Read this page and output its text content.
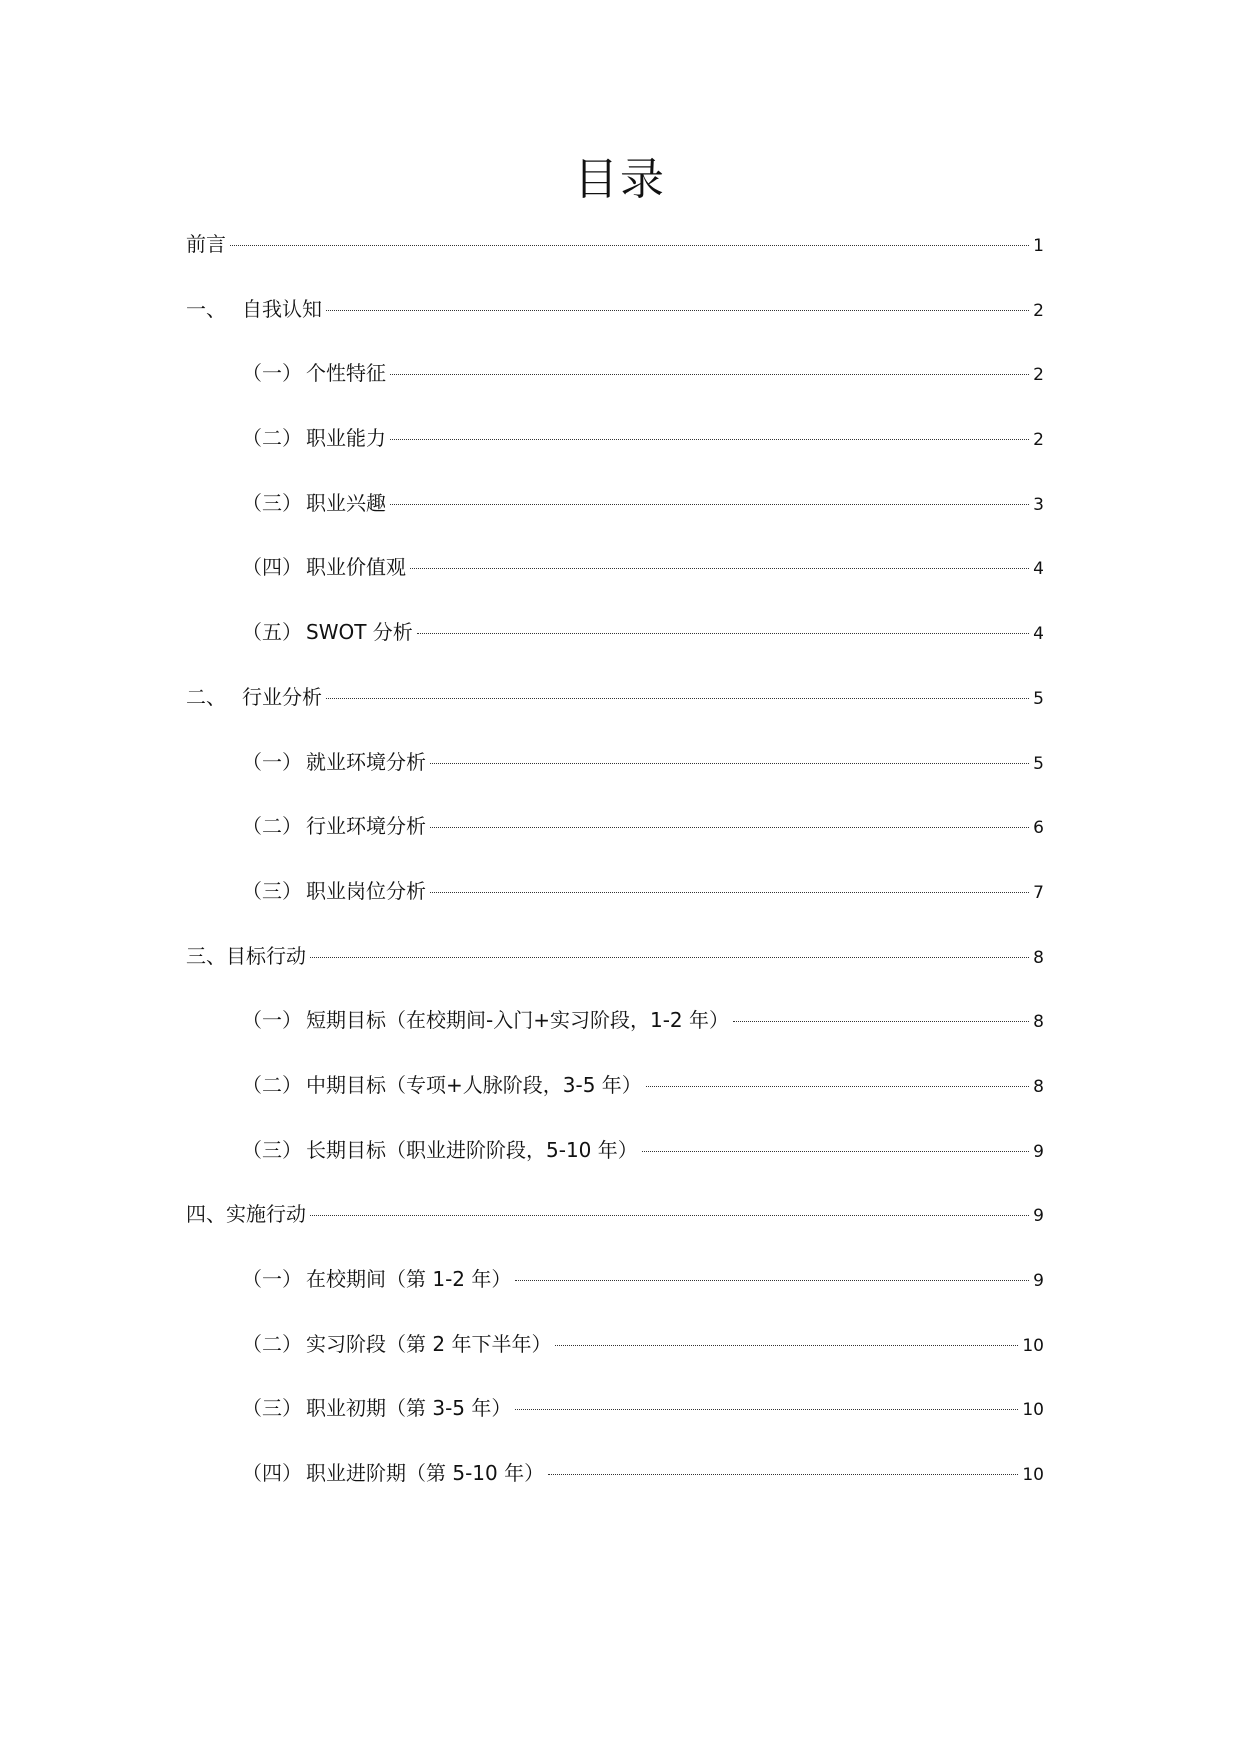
目录
前言	1
一、 自我认知	2
（一） 个性特征	2
（二） 职业能力	2
（三） 职业兴趣	3
（四） 职业价值观	4
（五） SWOT 分析	4
二、 行业分析	5
（一） 就业环境分析	5
（二） 行业环境分析	6
（三） 职业岗位分析	7
三、目标行动	8
（一） 短期目标（在校期间-入门+实习阶段，1-2 年）	8
（二） 中期目标（专项+人脉阶段，3-5 年）	8
（三） 长期目标（职业进阶阶段，5-10 年）	9
四、实施行动	9
（一） 在校期间（第 1-2 年）	9
（二） 实习阶段（第 2 年下半年）	10
（三） 职业初期（第 3-5 年）	10
（四） 职业进阶期（第 5-10 年）	10
